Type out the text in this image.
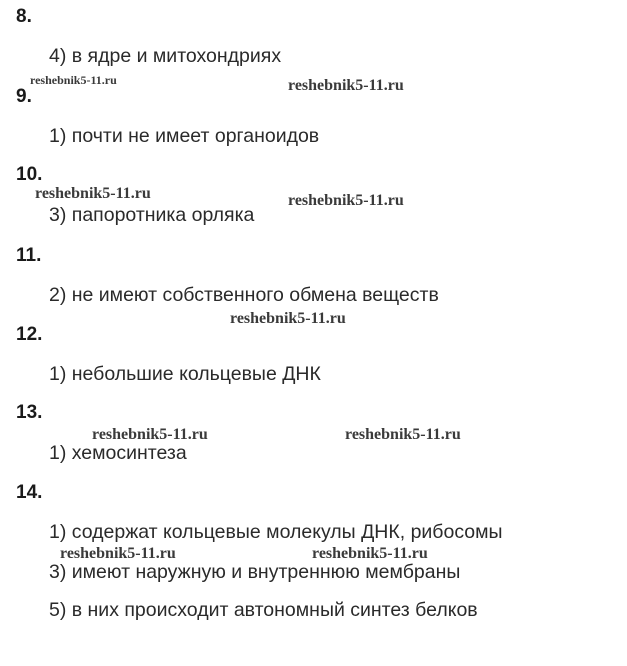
8.
4) в ядре и митохондриях
9.
1) почти не имеет органоидов
10.
3) папоротника орляка
11.
2) не имеют собственного обмена веществ
12.
1) небольшие кольцевые ДНК
13.
1) хемосинтеза
14.
1) содержат кольцевые молекулы ДНК, рибосомы
3) имеют наружную и внутреннюю мембраны
5) в них происходит автономный синтез белков
reshebnik5-11.ru	reshebnik5-11.ru
reshebnik5-11.ru	reshebnik5-11.ru
reshebnik5-11.ru
reshebnik5-11.ru	reshebnik5-11.ru
reshebnik5-11.ru	reshebnik5-11.ru
